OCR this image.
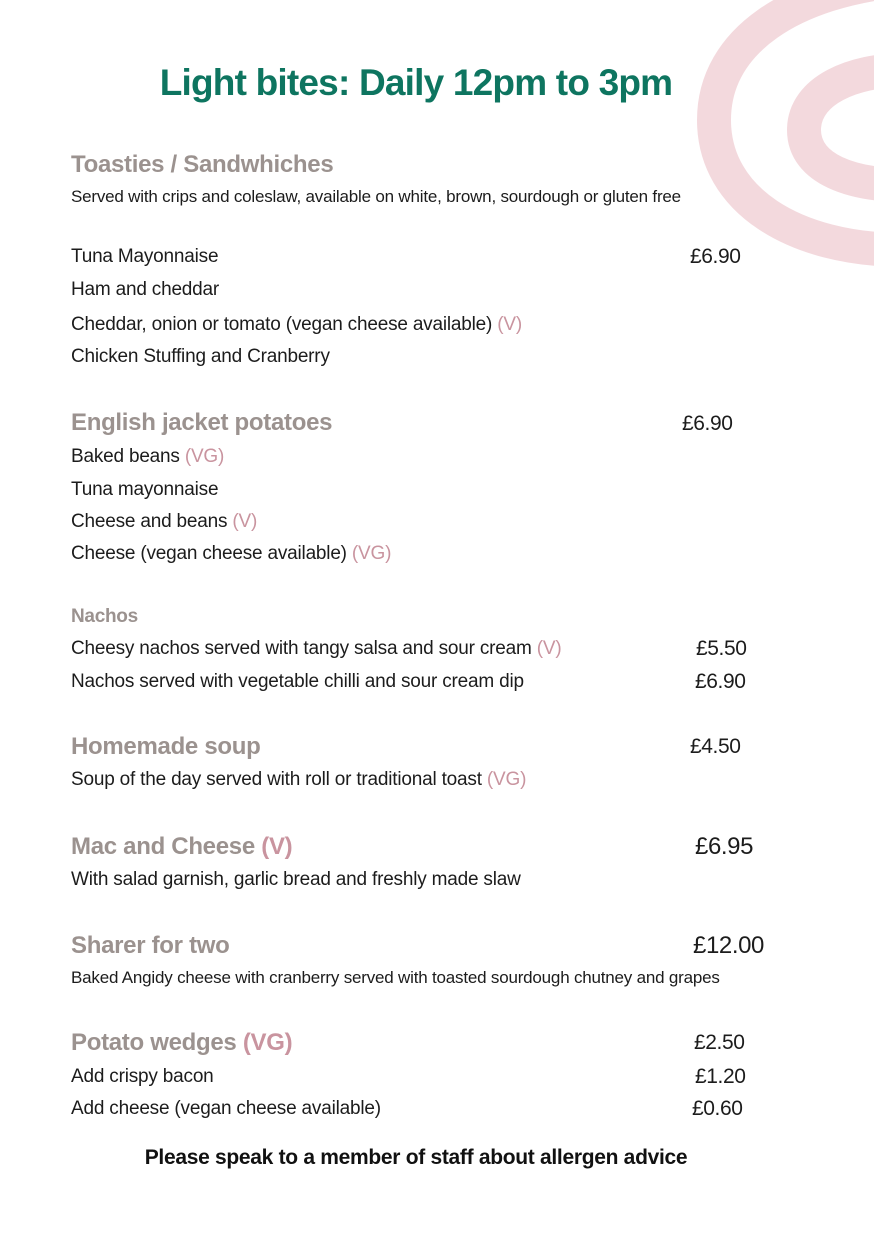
Light bites: Daily 12pm to 3pm
Toasties / Sandwhiches
Served with crips and coleslaw, available on white, brown, sourdough or gluten free
Tuna Mayonnaise	£6.90
Ham and cheddar
Cheddar, onion or tomato (vegan cheese available) (V)
Chicken Stuffing and Cranberry
English jacket potatoes	£6.90
Baked beans (VG)
Tuna mayonnaise
Cheese and beans (V)
Cheese (vegan cheese available) (VG)
Nachos
Cheesy nachos served with tangy salsa and sour cream (V)	£5.50
Nachos served with vegetable chilli and sour cream dip	£6.90
Homemade soup	£4.50
Soup of the day served with roll or traditional toast (VG)
Mac and Cheese (V)	£6.95
With salad garnish, garlic bread and freshly made slaw
Sharer for two	£12.00
Baked Angidy cheese with cranberry served with toasted sourdough chutney and grapes
Potato wedges (VG)	£2.50
Add crispy bacon	£1.20
Add cheese (vegan cheese available)	£0.60
Please speak to a member of staff about allergen advice
